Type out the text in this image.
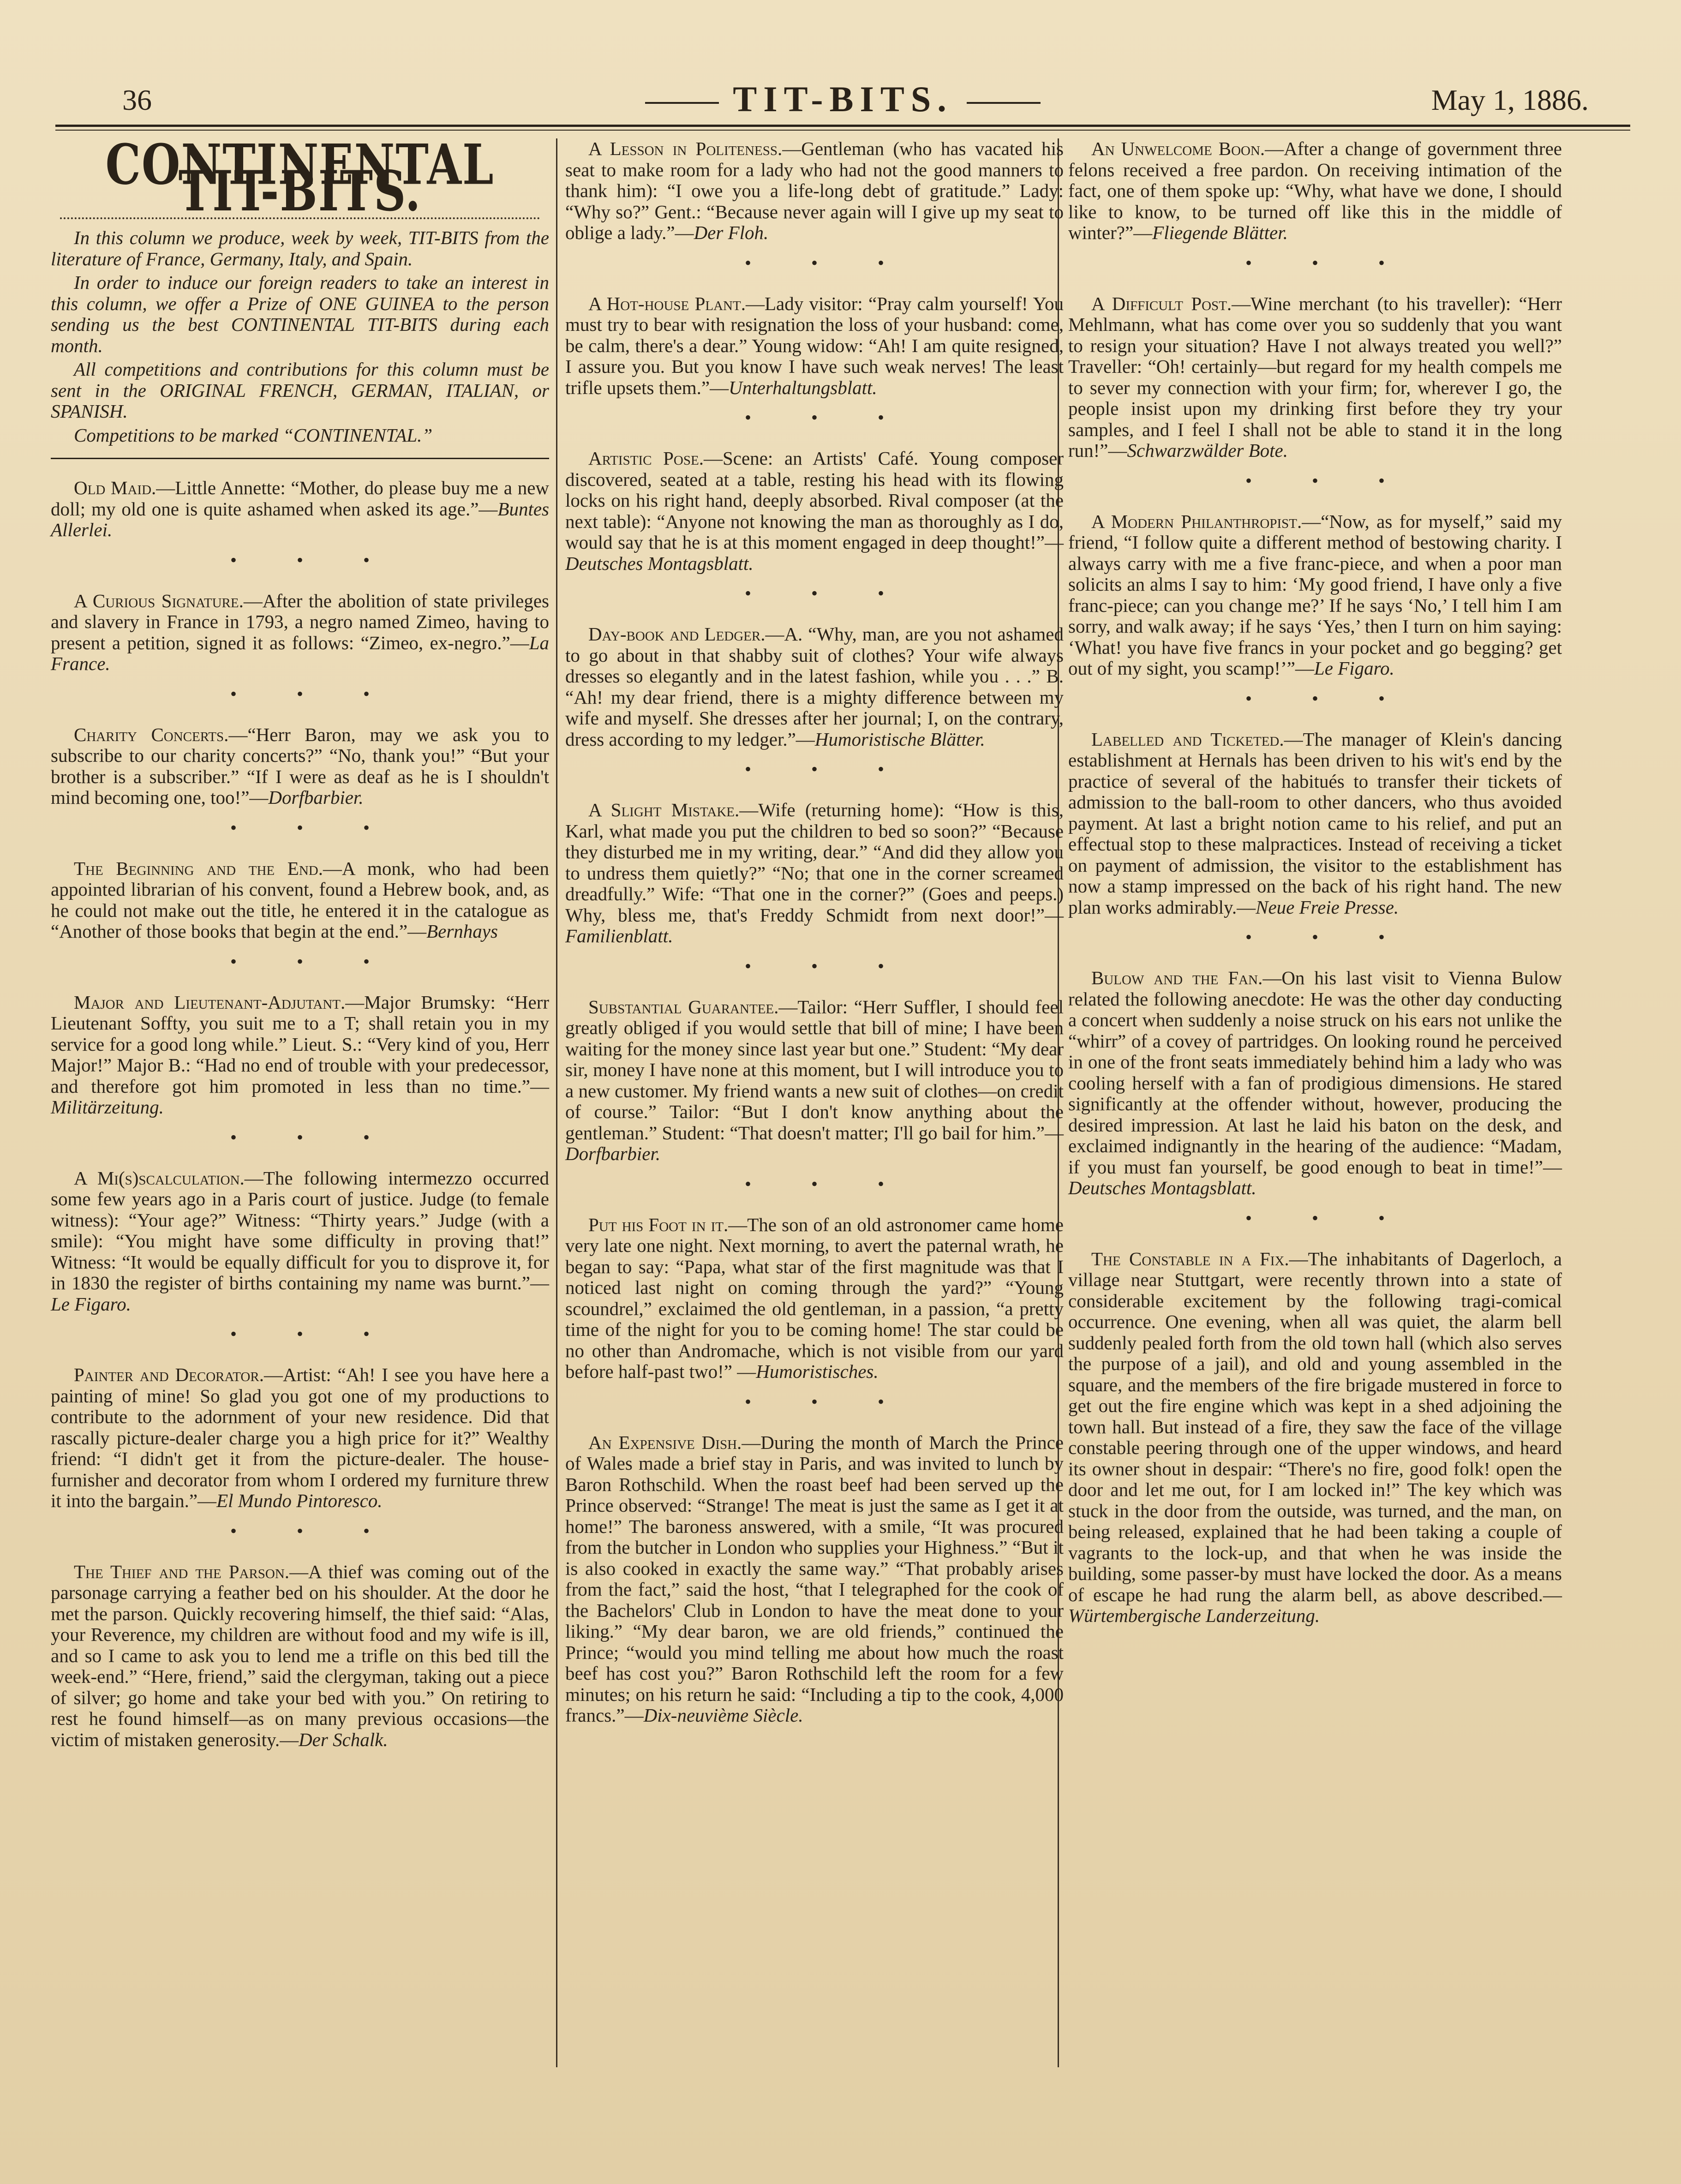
36	TIT-BITS.	May 1, 1886.
CONTINENTAL TIT-BITS.

In this column we produce, week by week, TIT-BITS from the literature of France, Germany, Italy, and Spain.

In order to induce our foreign readers to take an interest in this column, we offer a Prize of ONE GUINEA to the person sending us the best CONTINENTAL TIT-BITS during each month.

All competitions and contributions for this column must be sent in the ORIGINAL FRENCH, GERMAN, ITALIAN, or SPANISH.

Competitions to be marked “CONTINENTAL.”

Old Maid.—Little Annette: “Mother, do please buy me a new doll; my old one is quite ashamed when asked its age.”—Buntes Allerlei.

• • •

A Curious Signature.—After the abolition of state privileges and slavery in France in 1793, a negro named Zimeo, having to present a petition, signed it as follows: “Zimeo, ex-negro.”—La France.

• • •

Charity Concerts.—“Herr Baron, may we ask you to subscribe to our charity concerts?” “No, thank you!” “But your brother is a subscriber.” “If I were as deaf as he is I shouldn't mind becoming one, too!”—Dorfbarbier.

• • •

The Beginning and the End.—A monk, who had been appointed librarian of his convent, found a Hebrew book, and, as he could not make out the title, he entered it in the catalogue as “Another of those books that begin at the end.”—Bernhays

• • •

Major and Lieutenant-Adjutant.—Major Brumsky: “Herr Lieutenant Soffty, you suit me to a T; shall retain you in my service for a good long while.” Lieut. S.: “Very kind of you, Herr Major!” Major B.: “Had no end of trouble with your predecessor, and therefore got him promoted in less than no time.”—Militärzeitung.

• • •

A Mi(s)scalculation.—The following intermezzo occurred some few years ago in a Paris court of justice. Judge (to female witness): “Your age?” Witness: “Thirty years.” Judge (with a smile): “You might have some difficulty in proving that!” Witness: “It would be equally difficult for you to disprove it, for in 1830 the register of births containing my name was burnt.”—Le Figaro.

• • •

Painter and Decorator.—Artist: “Ah! I see you have here a painting of mine! So glad you got one of my productions to contribute to the adornment of your new residence. Did that rascally picture-dealer charge you a high price for it?” Wealthy friend: “I didn't get it from the picture-dealer. The house-furnisher and decorator from whom I ordered my furniture threw it into the bargain.”—El Mundo Pintoresco.

• • •

The Thief and the Parson.—A thief was coming out of the parsonage carrying a feather bed on his shoulder. At the door he met the parson. Quickly recovering himself, the thief said: “Alas, your Reverence, my children are without food and my wife is ill, and so I came to ask you to lend me a trifle on this bed till the week-end.” “Here, friend,” said the clergyman, taking out a piece of silver; go home and take your bed with you.” On retiring to rest he found himself—as on many previous occasions—the victim of mistaken generosity.—Der Schalk.

A Lesson in Politeness.—Gentleman (who has vacated his seat to make room for a lady who had not the good manners to thank him): “I owe you a life-long debt of gratitude.” Lady: “Why so?” Gent.: “Because never again will I give up my seat to oblige a lady.”—Der Floh.

• • •

A Hot-house Plant.—Lady visitor: “Pray calm yourself! You must try to bear with resignation the loss of your husband: come, be calm, there's a dear.” Young widow: “Ah! I am quite resigned, I assure you. But you know I have such weak nerves! The least trifle upsets them.”—Unterhaltungsblatt.

• • •

Artistic Pose.—Scene: an Artists' Café. Young composer discovered, seated at a table, resting his head with its flowing locks on his right hand, deeply absorbed. Rival composer (at the next table): “Anyone not knowing the man as thoroughly as I do, would say that he is at this moment engaged in deep thought!”—Deutsches Montagsblatt.

• • •

Day-book and Ledger.—A. “Why, man, are you not ashamed to go about in that shabby suit of clothes? Your wife always dresses so elegantly and in the latest fashion, while you . . .” B. “Ah! my dear friend, there is a mighty difference between my wife and myself. She dresses after her journal; I, on the contrary, dress according to my ledger.”—Humoristische Blätter.

• • •

A Slight Mistake.—Wife (returning home): “How is this, Karl, what made you put the children to bed so soon?” “Because they disturbed me in my writing, dear.” “And did they allow you to undress them quietly?” “No; that one in the corner screamed dreadfully.” Wife: “That one in the corner?” (Goes and peeps.) Why, bless me, that's Freddy Schmidt from next door!”—Familienblatt.

• • •

Substantial Guarantee.—Tailor: “Herr Suffler, I should feel greatly obliged if you would settle that bill of mine; I have been waiting for the money since last year but one.” Student: “My dear sir, money I have none at this moment, but I will introduce you to a new customer. My friend wants a new suit of clothes—on credit of course.” Tailor: “But I don't know anything about the gentleman.” Student: “That doesn't matter; I'll go bail for him.”—Dorfbarbier.

• • •

Put his Foot in it.—The son of an old astronomer came home very late one night. Next morning, to avert the paternal wrath, he began to say: “Papa, what star of the first magnitude was that I noticed last night on coming through the yard?” “Young scoundrel,” exclaimed the old gentleman, in a passion, “a pretty time of the night for you to be coming home! The star could be no other than Andromache, which is not visible from our yard before half-past two!” —Humoristisches.

• • •

An Expensive Dish.—During the month of March the Prince of Wales made a brief stay in Paris, and was invited to lunch by Baron Rothschild. When the roast beef had been served up the Prince observed: “Strange! The meat is just the same as I get it at home!” The baroness answered, with a smile, “It was procured from the butcher in London who supplies your Highness.” “But it is also cooked in exactly the same way.” “That probably arises from the fact,” said the host, “that I telegraphed for the cook of the Bachelors' Club in London to have the meat done to your liking.” “My dear baron, we are old friends,” continued the Prince; “would you mind telling me about how much the roast beef has cost you?” Baron Rothschild left the room for a few minutes; on his return he said: “Including a tip to the cook, 4,000 francs.”—Dix-neuvième Siècle.

An Unwelcome Boon.—After a change of government three felons received a free pardon. On receiving intimation of the fact, one of them spoke up: “Why, what have we done, I should like to know, to be turned off like this in the middle of winter?”—Fliegende Blätter.

• • •

A Difficult Post.—Wine merchant (to his traveller): “Herr Mehlmann, what has come over you so suddenly that you want to resign your situation? Have I not always treated you well?” Traveller: “Oh! certainly—but regard for my health compels me to sever my connection with your firm; for, wherever I go, the people insist upon my drinking first before they try your samples, and I feel I shall not be able to stand it in the long run!”—Schwarzwälder Bote.

• • •

A Modern Philanthropist.—“Now, as for myself,” said my friend, “I follow quite a different method of bestowing charity. I always carry with me a five franc-piece, and when a poor man solicits an alms I say to him: ‘My good friend, I have only a five franc-piece; can you change me?’ If he says ‘No,’ I tell him I am sorry, and walk away; if he says ‘Yes,’ then I turn on him saying: ‘What! you have five francs in your pocket and go begging? get out of my sight, you scamp!’”—Le Figaro.

• • •

Labelled and Ticketed.—The manager of Klein's dancing establishment at Hernals has been driven to his wit's end by the practice of several of the habitués to transfer their tickets of admission to the ball-room to other dancers, who thus avoided payment. At last a bright notion came to his relief, and put an effectual stop to these malpractices. Instead of receiving a ticket on payment of admission, the visitor to the establishment has now a stamp impressed on the back of his right hand. The new plan works admirably.—Neue Freie Presse.

• • •

Bulow and the Fan.—On his last visit to Vienna Bulow related the following anecdote: He was the other day conducting a concert when suddenly a noise struck on his ears not unlike the “whirr” of a covey of partridges. On looking round he perceived in one of the front seats immediately behind him a lady who was cooling herself with a fan of prodigious dimensions. He stared significantly at the offender without, however, producing the desired impression. At last he laid his baton on the desk, and exclaimed indignantly in the hearing of the audience: “Madam, if you must fan yourself, be good enough to beat in time!”—Deutsches Montagsblatt.

• • •

The Constable in a Fix.—The inhabitants of Dagerloch, a village near Stuttgart, were recently thrown into a state of considerable excitement by the following tragi-comical occurrence. One evening, when all was quiet, the alarm bell suddenly pealed forth from the old town hall (which also serves the purpose of a jail), and old and young assembled in the square, and the members of the fire brigade mustered in force to get out the fire engine which was kept in a shed adjoining the town hall. But instead of a fire, they saw the face of the village constable peering through one of the upper windows, and heard its owner shout in despair: “There's no fire, good folk! open the door and let me out, for I am locked in!” The key which was stuck in the door from the outside, was turned, and the man, on being released, explained that he had been taking a couple of vagrants to the lock-up, and that when he was inside the building, some passer-by must have locked the door. As a means of escape he had rung the alarm bell, as above described.—Würtembergische Landerzeitung.
